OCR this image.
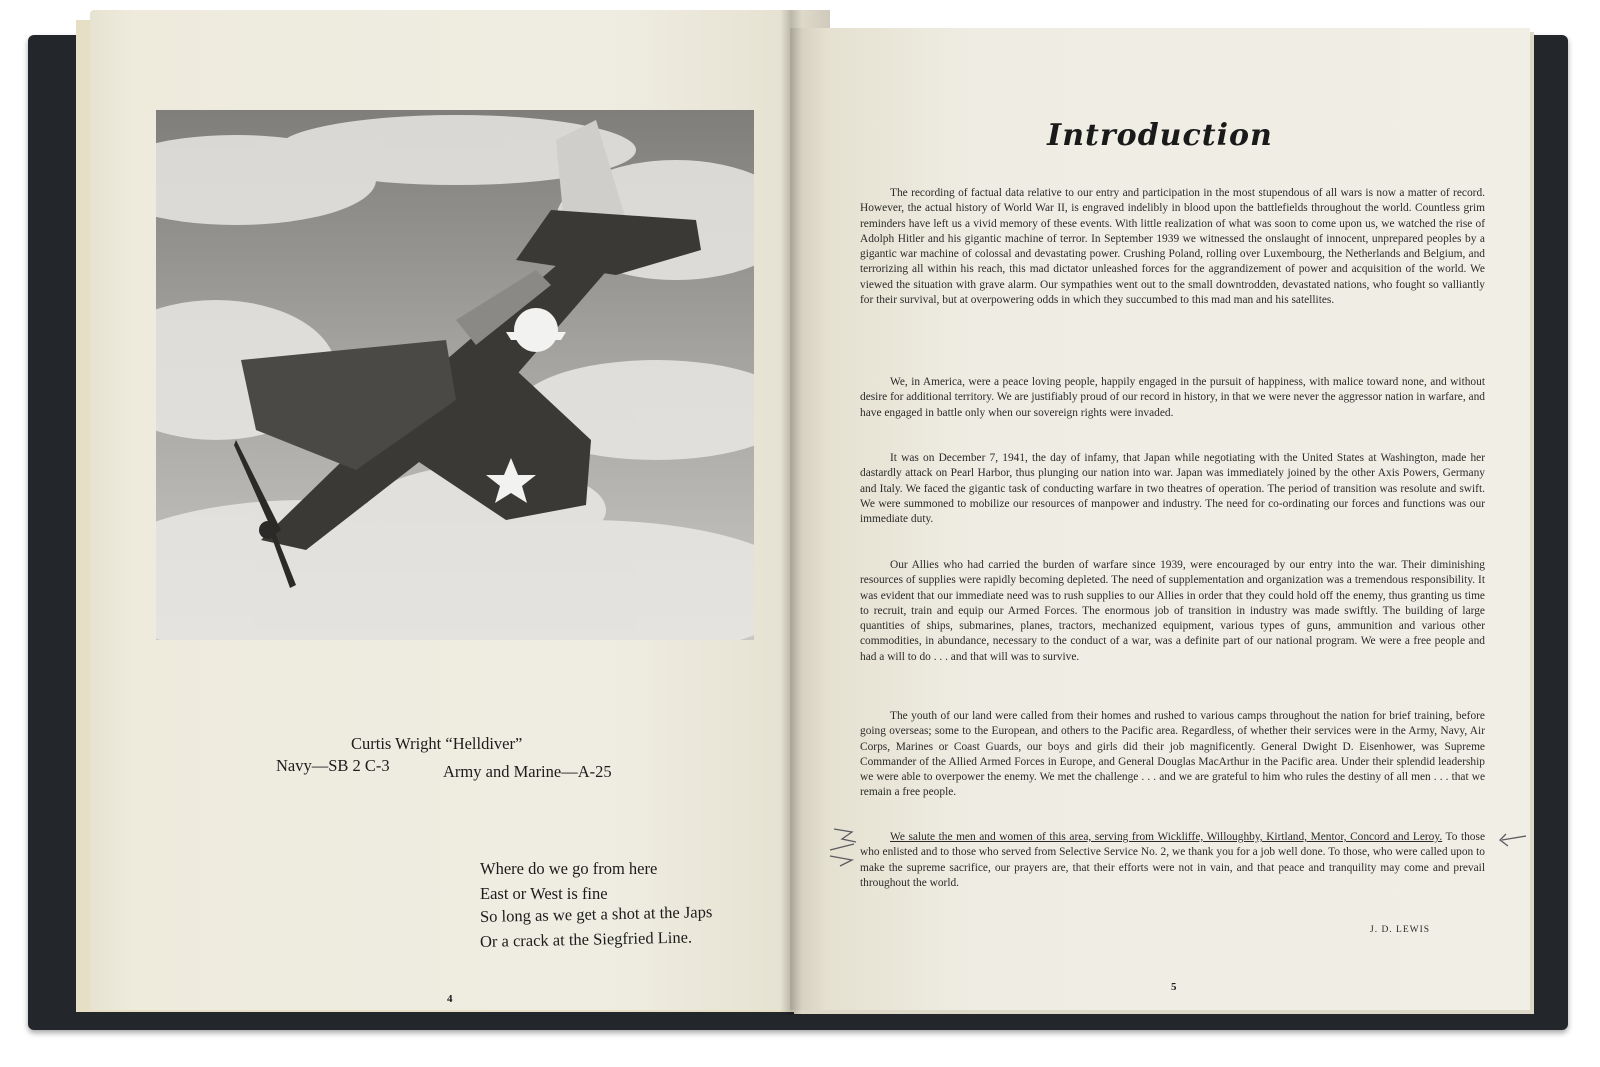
Curtis Wright “Helldiver”
Navy—SB 2 C-3	Army and Marine—A-25
Where do we go from here
East or West is fine
So long as we get a shot at the Japs
Or a crack at the Siegfried Line.
4
Introduction

The recording of factual data relative to our entry and participation in the most stupendous of all wars is now a matter of record. However, the actual history of World War II, is engraved indelibly in blood upon the battlefields throughout the world. Countless grim reminders have left us a vivid memory of these events. With little realization of what was soon to come upon us, we watched the rise of Adolph Hitler and his gigantic machine of terror. In September 1939 we witnessed the onslaught of innocent, unprepared peoples by a gigantic war machine of colossal and devastating power. Crushing Poland, rolling over Luxembourg, the Netherlands and Belgium, and terrorizing all within his reach, this mad dictator unleashed forces for the aggrandizement of power and acquisition of the world. We viewed the situation with grave alarm. Our sympathies went out to the small downtrodden, devastated nations, who fought so valliantly for their survival, but at overpowering odds in which they succumbed to this mad man and his satellites.

We, in America, were a peace loving people, happily engaged in the pursuit of happiness, with malice toward none, and without desire for additional territory. We are justifiably proud of our record in history, in that we were never the aggressor nation in warfare, and have engaged in battle only when our sovereign rights were invaded.

It was on December 7, 1941, the day of infamy, that Japan while negotiating with the United States at Washington, made her dastardly attack on Pearl Harbor, thus plunging our nation into war. Japan was immediately joined by the other Axis Powers, Germany and Italy. We faced the gigantic task of conducting warfare in two theatres of operation. The period of transition was resolute and swift. We were summoned to mobilize our resources of manpower and industry. The need for co-ordinating our forces and functions was our immediate duty.

Our Allies who had carried the burden of warfare since 1939, were encouraged by our entry into the war. Their diminishing resources of supplies were rapidly becoming depleted. The need of supplementation and organization was a tremendous responsibility. It was evident that our immediate need was to rush supplies to our Allies in order that they could hold off the enemy, thus granting us time to recruit, train and equip our Armed Forces. The enormous job of transition in industry was made swiftly. The building of large quantities of ships, submarines, planes, tractors, mechanized equipment, various types of guns, ammunition and various other commodities, in abundance, necessary to the conduct of a war, was a definite part of our national program. We were a free people and had a will to do . . . and that will was to survive.

The youth of our land were called from their homes and rushed to various camps throughout the nation for brief training, before going overseas; some to the European, and others to the Pacific area. Regardless, of whether their services were in the Army, Navy, Air Corps, Marines or Coast Guards, our boys and girls did their job magnificently. General Dwight D. Eisenhower, was Supreme Commander of the Allied Armed Forces in Europe, and General Douglas MacArthur in the Pacific area. Under their splendid leadership we were able to overpower the enemy. We met the challenge . . . and we are grateful to him who rules the destiny of all men . . . that we remain a free people.

We salute the men and women of this area, serving from Wickliffe, Willoughby, Kirtland, Mentor, Concord and Leroy. To those who enlisted and to those who served from Selective Service No. 2, we thank you for a job well done. To those, who were called upon to make the supreme sacrifice, our prayers are, that their efforts were not in vain, and that peace and tranquility may come and prevail throughout the world.

J. D. LEWIS
5
